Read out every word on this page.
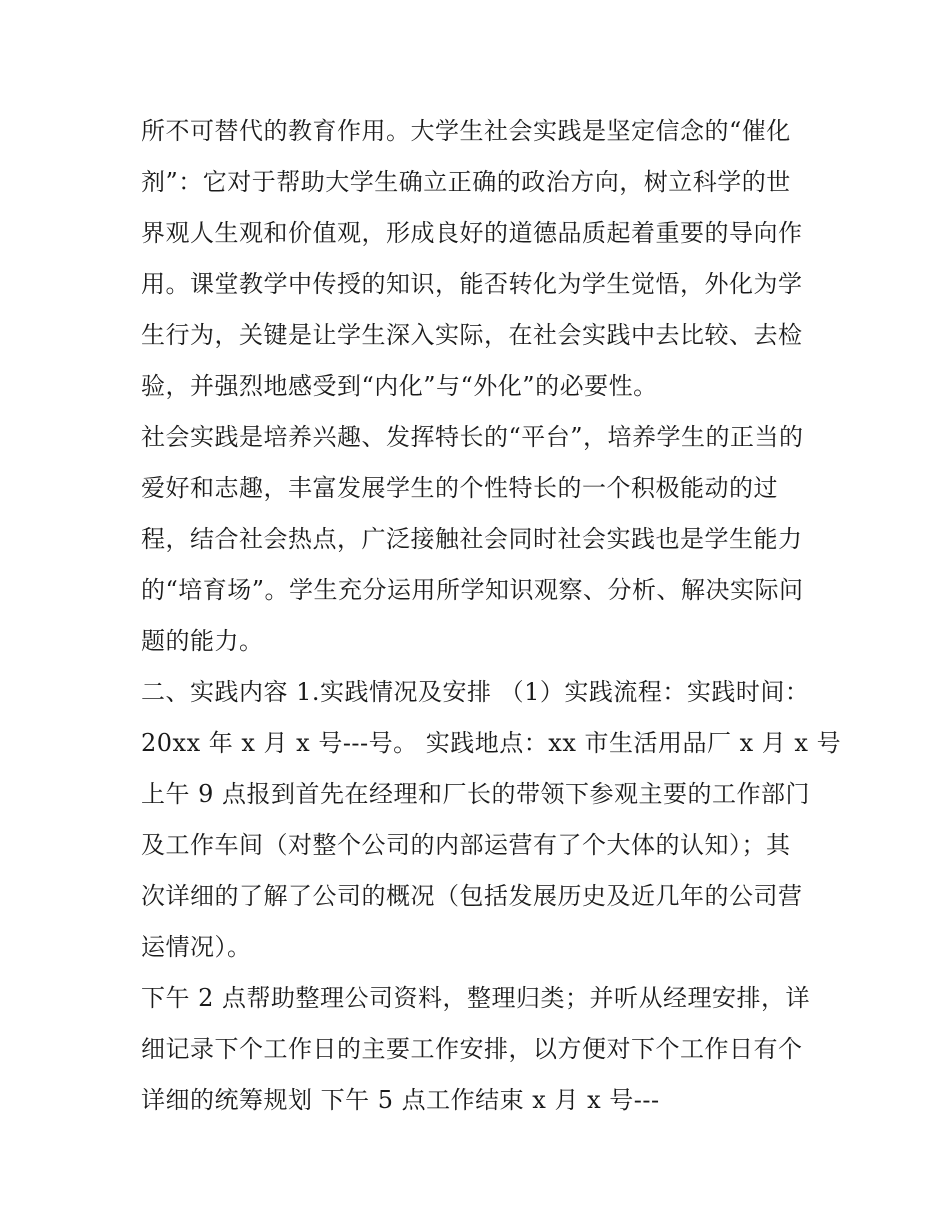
所不可替代的教育作用。大学生社会实践是坚定信念的“催化
剂”：它对于帮助大学生确立正确的政治方向，树立科学的世
界观人生观和价值观，形成良好的道德品质起着重要的导向作
用。课堂教学中传授的知识，能否转化为学生觉悟，外化为学
生行为，关键是让学生深入实际，在社会实践中去比较、去检
验，并强烈地感受到“内化”与“外化”的必要性。

社会实践是培养兴趣、发挥特长的“平台”，培养学生的正当的
爱好和志趣，丰富发展学生的个性特长的一个积极能动的过
程，结合社会热点，广泛接触社会同时社会实践也是学生能力
的“培育场”。学生充分运用所学知识观察、分析、解决实际问
题的能力。

二、实践内容 1.实践情况及安排 （1）实践流程：实践时间：
20xx 年 x 月 x 号---号。 实践地点：xx 市生活用品厂 x 月 x 号
上午 9 点报到首先在经理和厂长的带领下参观主要的工作部门
及工作车间（对整个公司的内部运营有了个大体的认知）；其
次详细的了解了公司的概况（包括发展历史及近几年的公司营
运情况）。

下午 2 点帮助整理公司资料，整理归类；并听从经理安排，详
细记录下个工作日的主要工作安排，以方便对下个工作日有个
详细的统筹规划 下午 5 点工作结束 x 月 x 号---
